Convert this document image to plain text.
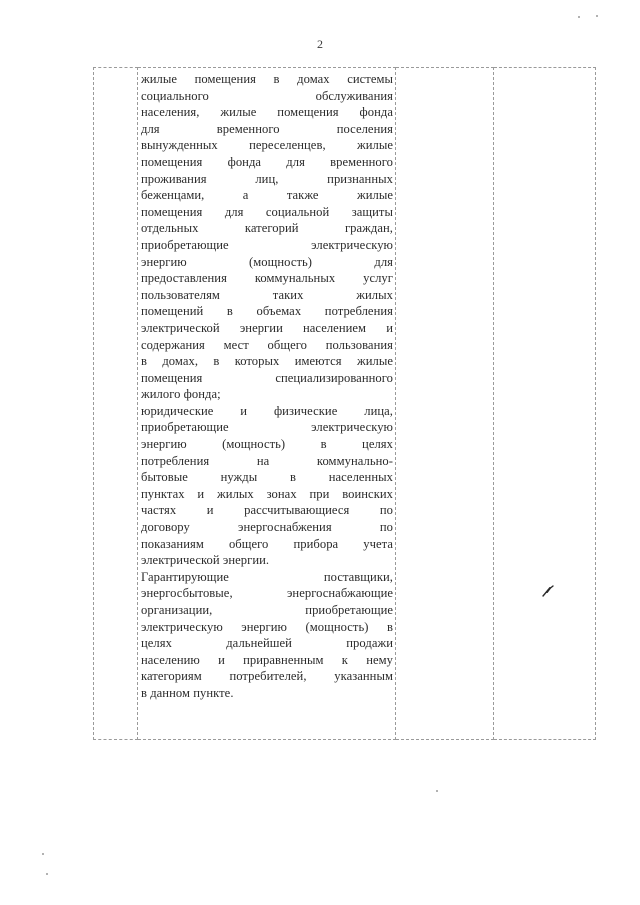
2

жилые помещения в домах системы
социального обслуживания
населения, жилые помещения фонда
для временного поселения
вынужденных переселенцев, жилые
помещения фонда для временного
проживания лиц, признанных
беженцами, а также жилые
помещения для социальной защиты
отдельных категорий граждан,
приобретающие электрическую
энергию (мощность) для
предоставления коммунальных услуг
пользователям таких жилых
помещений в объемах потребления
электрической энергии населением и
содержания мест общего пользования
в домах, в которых имеются жилые
помещения специализированного
жилого фонда;
юридические и физические лица,
приобретающие электрическую
энергию (мощность) в целях
потребления на коммунально-
бытовые нужды в населенных
пунктах и жилых зонах при воинских
частях и рассчитывающиеся по
договору энергоснабжения по
показаниям общего прибора учета
электрической энергии.
Гарантирующие поставщики,
энергосбытовые, энергоснабжающие
организации, приобретающие
электрическую энергию (мощность) в
целях дальнейшей продажи
населению и приравненным к нему
категориям потребителей, указанным
в данном пункте.
